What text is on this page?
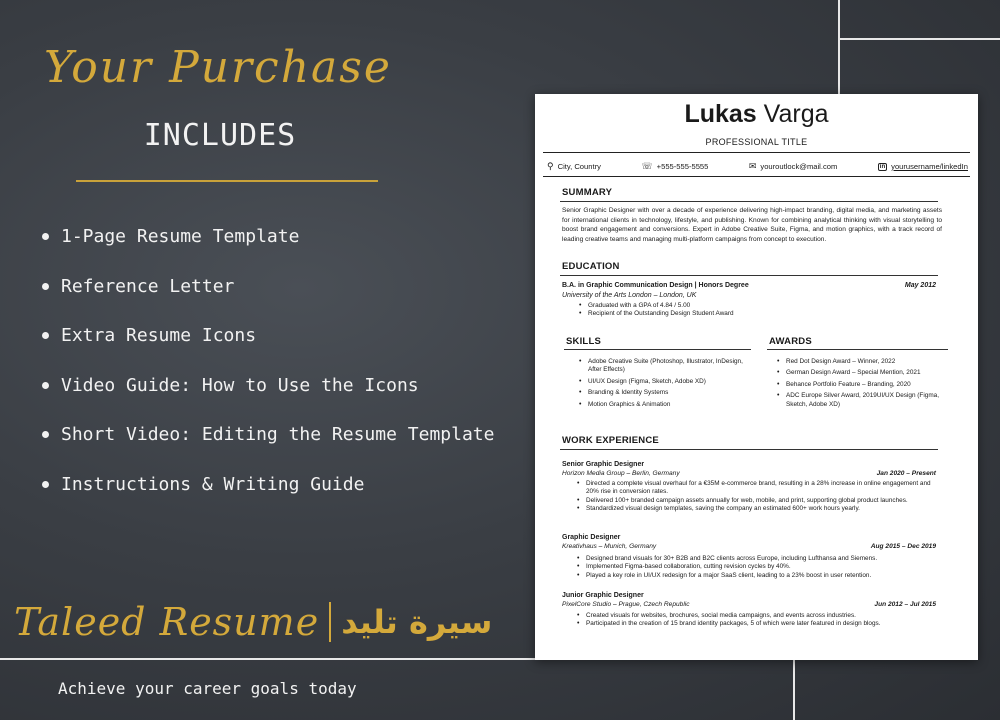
Your Purchase
INCLUDES
1-Page Resume Template
Reference Letter
Extra Resume Icons
Video Guide: How to Use the Icons
Short Video: Editing the Resume Template
Instructions & Writing Guide
Taleed Resume سيرة تليد
Achieve your career goals today
Lukas Varga
PROFESSIONAL TITLE
⚲ City, Country	☏ +555-555-5555	✉ youroutlock@mail.com	in yourusername/linkedIn
SUMMARY
Senior Graphic Designer with over a decade of experience delivering high-impact branding, digital media, and marketing assets for international clients in technology, lifestyle, and publishing. Known for combining analytical thinking with visual storytelling to boost brand engagement and conversions. Expert in Adobe Creative Suite, Figma, and motion graphics, with a track record of leading creative teams and managing multi-platform campaigns from concept to execution.
EDUCATION
B.A. in Graphic Communication Design | Honors Degree	May 2012
University of the Arts London – London, UK
• Graduated with a GPA of 4.84 / 5.00
• Recipient of the Outstanding Design Student Award
SKILLS
• Adobe Creative Suite (Photoshop, Illustrator, InDesign, After Effects)
• UI/UX Design (Figma, Sketch, Adobe XD)
• Branding & Identity Systems
• Motion Graphics & Animation
AWARDS
• Red Dot Design Award – Winner, 2022
• German Design Award – Special Mention, 2021
• Behance Portfolio Feature – Branding, 2020
• ADC Europe Silver Award, 2019UI/UX Design (Figma, Sketch, Adobe XD)
WORK EXPERIENCE
Senior Graphic Designer
Horizon Media Group – Berlin, Germany	Jan 2020 – Present
• Directed a complete visual overhaul for a €35M e-commerce brand, resulting in a 28% increase in online engagement and 20% rise in conversion rates.
• Delivered 100+ branded campaign assets annually for web, mobile, and print, supporting global product launches.
• Standardized visual design templates, saving the company an estimated 600+ work hours yearly.
Graphic Designer
Kreativhaus – Munich, Germany	Aug 2015 – Dec 2019
• Designed brand visuals for 30+ B2B and B2C clients across Europe, including Lufthansa and Siemens.
• Implemented Figma-based collaboration, cutting revision cycles by 40%.
• Played a key role in UI/UX redesign for a major SaaS client, leading to a 23% boost in user retention.
Junior Graphic Designer
PixelCore Studio – Prague, Czech Republic	Jun 2012 – Jul 2015
• Created visuals for websites, brochures, social media campaigns, and events across industries.
• Participated in the creation of 15 brand identity packages, 5 of which were later featured in design blogs.
